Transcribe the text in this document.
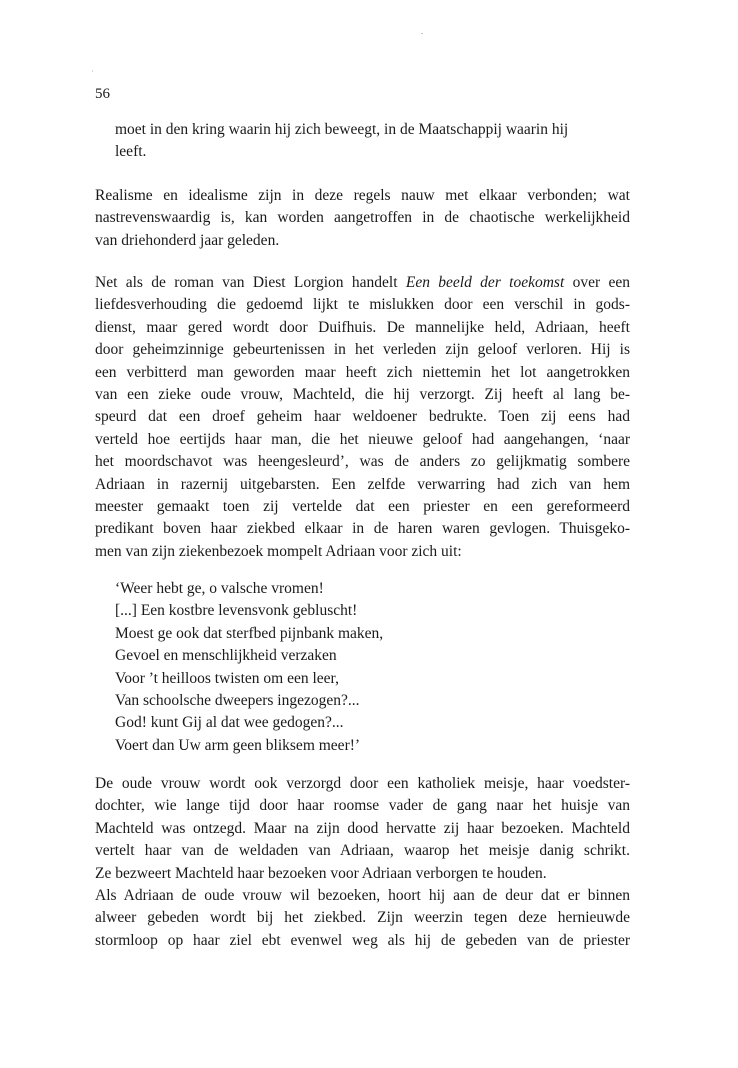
56
moet in den kring waarin hij zich beweegt, in de Maatschappij waarin hij
leeft.
Realisme en idealisme zijn in deze regels nauw met elkaar verbonden; wat
nastrevenswaardig is, kan worden aangetroffen in de chaotische werkelijkheid
van driehonderd jaar geleden.
Net als de roman van Diest Lorgion handelt Een beeld der toekomst over een
liefdesverhouding die gedoemd lijkt te mislukken door een verschil in gods-
dienst, maar gered wordt door Duifhuis. De mannelijke held, Adriaan, heeft
door geheimzinnige gebeurtenissen in het verleden zijn geloof verloren. Hij is
een verbitterd man geworden maar heeft zich niettemin het lot aangetrokken
van een zieke oude vrouw, Machteld, die hij verzorgt. Zij heeft al lang be-
speurd dat een droef geheim haar weldoener bedrukte. Toen zij eens had
verteld hoe eertijds haar man, die het nieuwe geloof had aangehangen, ‘naar
het moordschavot was heengesleurd’, was de anders zo gelijkmatig sombere
Adriaan in razernij uitgebarsten. Een zelfde verwarring had zich van hem
meester gemaakt toen zij vertelde dat een priester en een gereformeerd
predikant boven haar ziekbed elkaar in de haren waren gevlogen. Thuisgeko-
men van zijn ziekenbezoek mompelt Adriaan voor zich uit:
‘Weer hebt ge, o valsche vromen!
[...] Een kostbre levensvonk gebluscht!
Moest ge ook dat sterfbed pijnbank maken,
Gevoel en menschlijkheid verzaken
Voor ’t heilloos twisten om een leer,
Van schoolsche dweepers ingezogen?...
God! kunt Gij al dat wee gedogen?...
Voert dan Uw arm geen bliksem meer!’
De oude vrouw wordt ook verzorgd door een katholiek meisje, haar voedster-
dochter, wie lange tijd door haar roomse vader de gang naar het huisje van
Machteld was ontzegd. Maar na zijn dood hervatte zij haar bezoeken. Machteld
vertelt haar van de weldaden van Adriaan, waarop het meisje danig schrikt.
Ze bezweert Machteld haar bezoeken voor Adriaan verborgen te houden.
Als Adriaan de oude vrouw wil bezoeken, hoort hij aan de deur dat er binnen
alweer gebeden wordt bij het ziekbed. Zijn weerzin tegen deze hernieuwde
stormloop op haar ziel ebt evenwel weg als hij de gebeden van de priester
